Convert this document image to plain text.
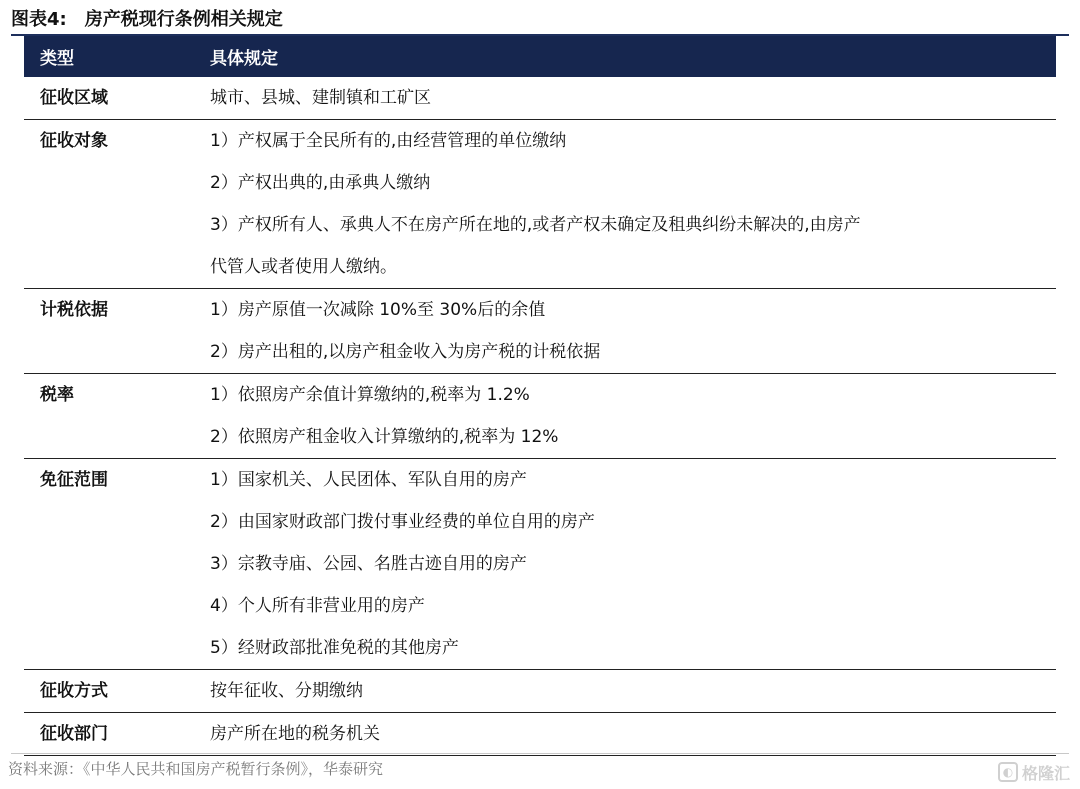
图表4: 房产税现行条例相关规定
类型	具体规定
征收区域	城市、县城、建制镇和工矿区
征收对象	1）产权属于全民所有的,由经营管理的单位缴纳
2）产权出典的,由承典人缴纳
3）产权所有人、承典人不在房产所在地的,或者产权未确定及租典纠纷未解决的,由房产
代管人或者使用人缴纳。
计税依据	1）房产原值一次减除 10%至 30%后的余值
2）房产出租的,以房产租金收入为房产税的计税依据
税率	1）依照房产余值计算缴纳的,税率为 1.2%
2）依照房产租金收入计算缴纳的,税率为 12%
免征范围	1）国家机关、人民团体、军队自用的房产
2）由国家财政部门拨付事业经费的单位自用的房产
3）宗教寺庙、公园、名胜古迹自用的房产
4）个人所有非营业用的房产
5）经财政部批准免税的其他房产
征收方式	按年征收、分期缴纳
征收部门	房产所在地的税务机关
资料来源：《中华人民共和国房产税暂行条例》，华泰研究	◐ 格隆汇
